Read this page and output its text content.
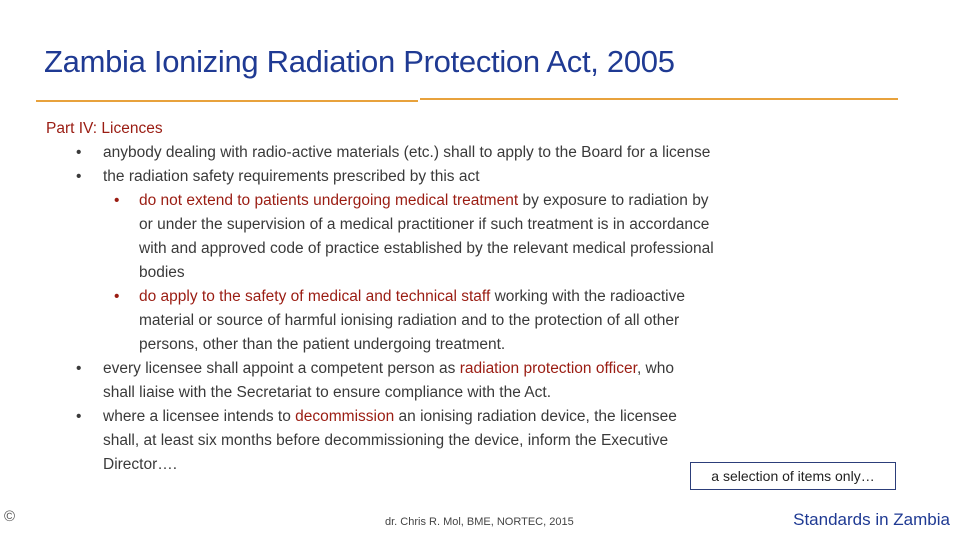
Zambia Ionizing Radiation Protection Act, 2005
Part IV: Licences
• anybody dealing with radio-active materials (etc.) shall to apply to the Board for a license
• the radiation safety requirements prescribed by this act
• do not extend to patients undergoing medical treatment by exposure to radiation by
or under the supervision of a medical practitioner if such treatment is in accordance
with and approved code of practice established by the relevant medical professional
bodies
• do apply to the safety of medical and technical staff working with the radioactive
material or source of harmful ionising radiation and to the protection of all other
persons, other than the patient undergoing treatment.
• every licensee shall appoint a competent person as radiation protection officer, who
shall liaise with the Secretariat to ensure compliance with the Act.
• where a licensee intends to decommission an ionising radiation device, the licensee
shall, at least six months before decommissioning the device, inform the Executive
Director….
a selection of items only…
©	dr. Chris R. Mol, BME, NORTEC, 2015	Standards in Zambia
